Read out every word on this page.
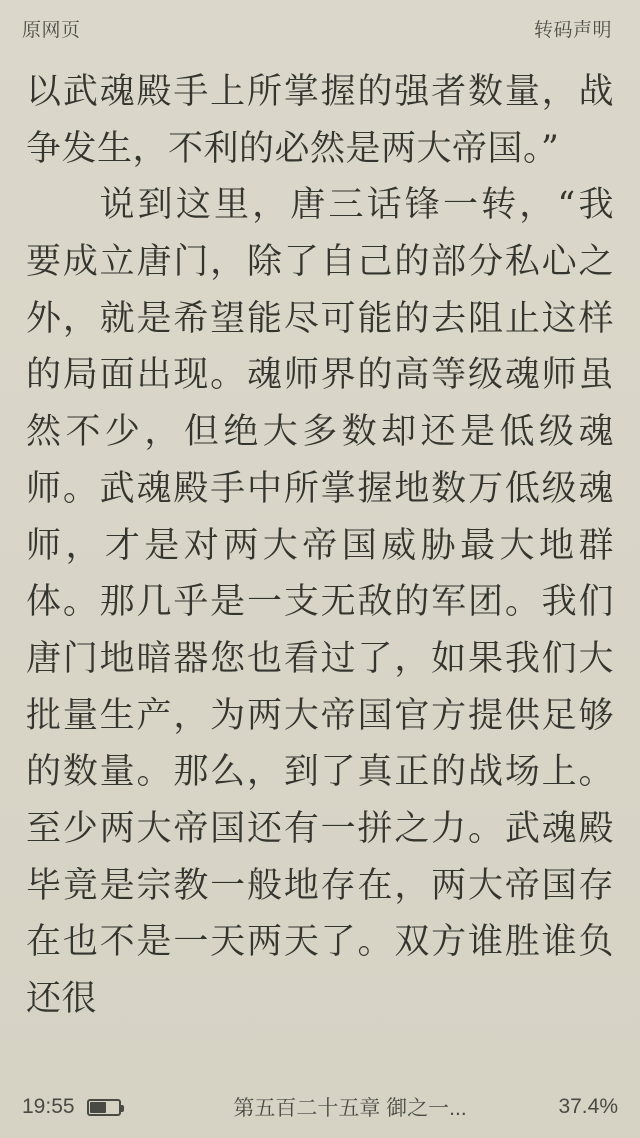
原网页	转码声明

以武魂殿手上所掌握的强者数量，战争发生，不利的必然是两大帝国。”

说到这里，唐三话锋一转，“我要成立唐门，除了自己的部分私心之外，就是希望能尽可能的去阻止这样的局面出现。魂师界的高等级魂师虽然不少，但绝大多数却还是低级魂师。武魂殿手中所掌握地数万低级魂师，才是对两大帝国威胁最大地群体。那几乎是一支无敌的军团。我们唐门地暗器您也看过了，如果我们大批量生产，为两大帝国官方提供足够的数量。那么，到了真正的战场上。至少两大帝国还有一拼之力。武魂殿毕竟是宗教一般地存在，两大帝国存在也不是一天两天了。双方谁胜谁负还很

19:55	第五百二十五章 御之一...	37.4%
